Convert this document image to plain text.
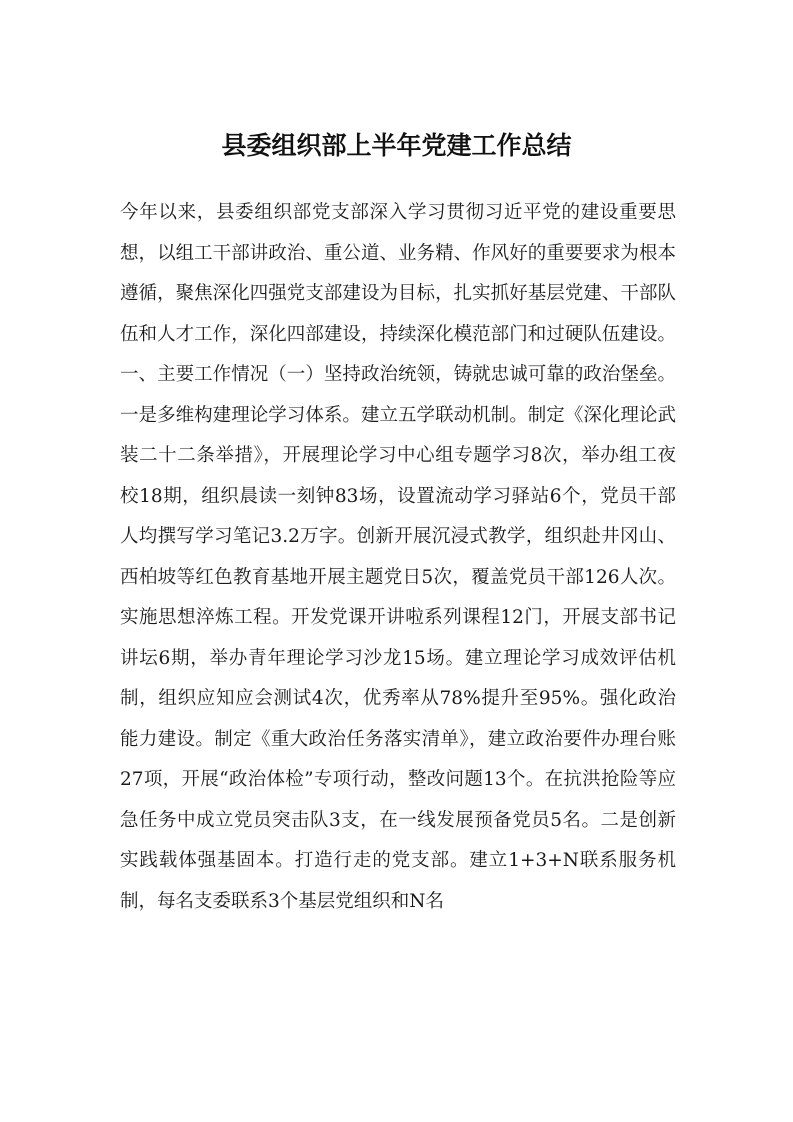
县委组织部上半年党建工作总结

今年以来，县委组织部党支部深入学习贯彻习近平党的建设重要思想，以组工干部讲政治、重公道、业务精、作风好的重要要求为根本遵循，聚焦深化四强党支部建设为目标，扎实抓好基层党建、干部队伍和人才工作，深化四部建设，持续深化模范部门和过硬队伍建设。一、主要工作情况（一）坚持政治统领，铸就忠诚可靠的政治堡垒。一是多维构建理论学习体系。建立五学联动机制。制定《深化理论武装二十二条举措》，开展理论学习中心组专题学习8次，举办组工夜校18期，组织晨读一刻钟83场，设置流动学习驿站6个，党员干部人均撰写学习笔记3.2万字。创新开展沉浸式教学，组织赴井冈山、西柏坡等红色教育基地开展主题党日5次，覆盖党员干部126人次。实施思想淬炼工程。开发党课开讲啦系列课程12门，开展支部书记讲坛6期，举办青年理论学习沙龙15场。建立理论学习成效评估机制，组织应知应会测试4次，优秀率从78%提升至95%。强化政治能力建设。制定《重大政治任务落实清单》，建立政治要件办理台账27项，开展“政治体检”专项行动，整改问题13个。在抗洪抢险等应急任务中成立党员突击队3支，在一线发展预备党员5名。二是创新实践载体强基固本。打造行走的党支部。建立1+3+N联系服务机制，每名支委联系3个基层党组织和N名
